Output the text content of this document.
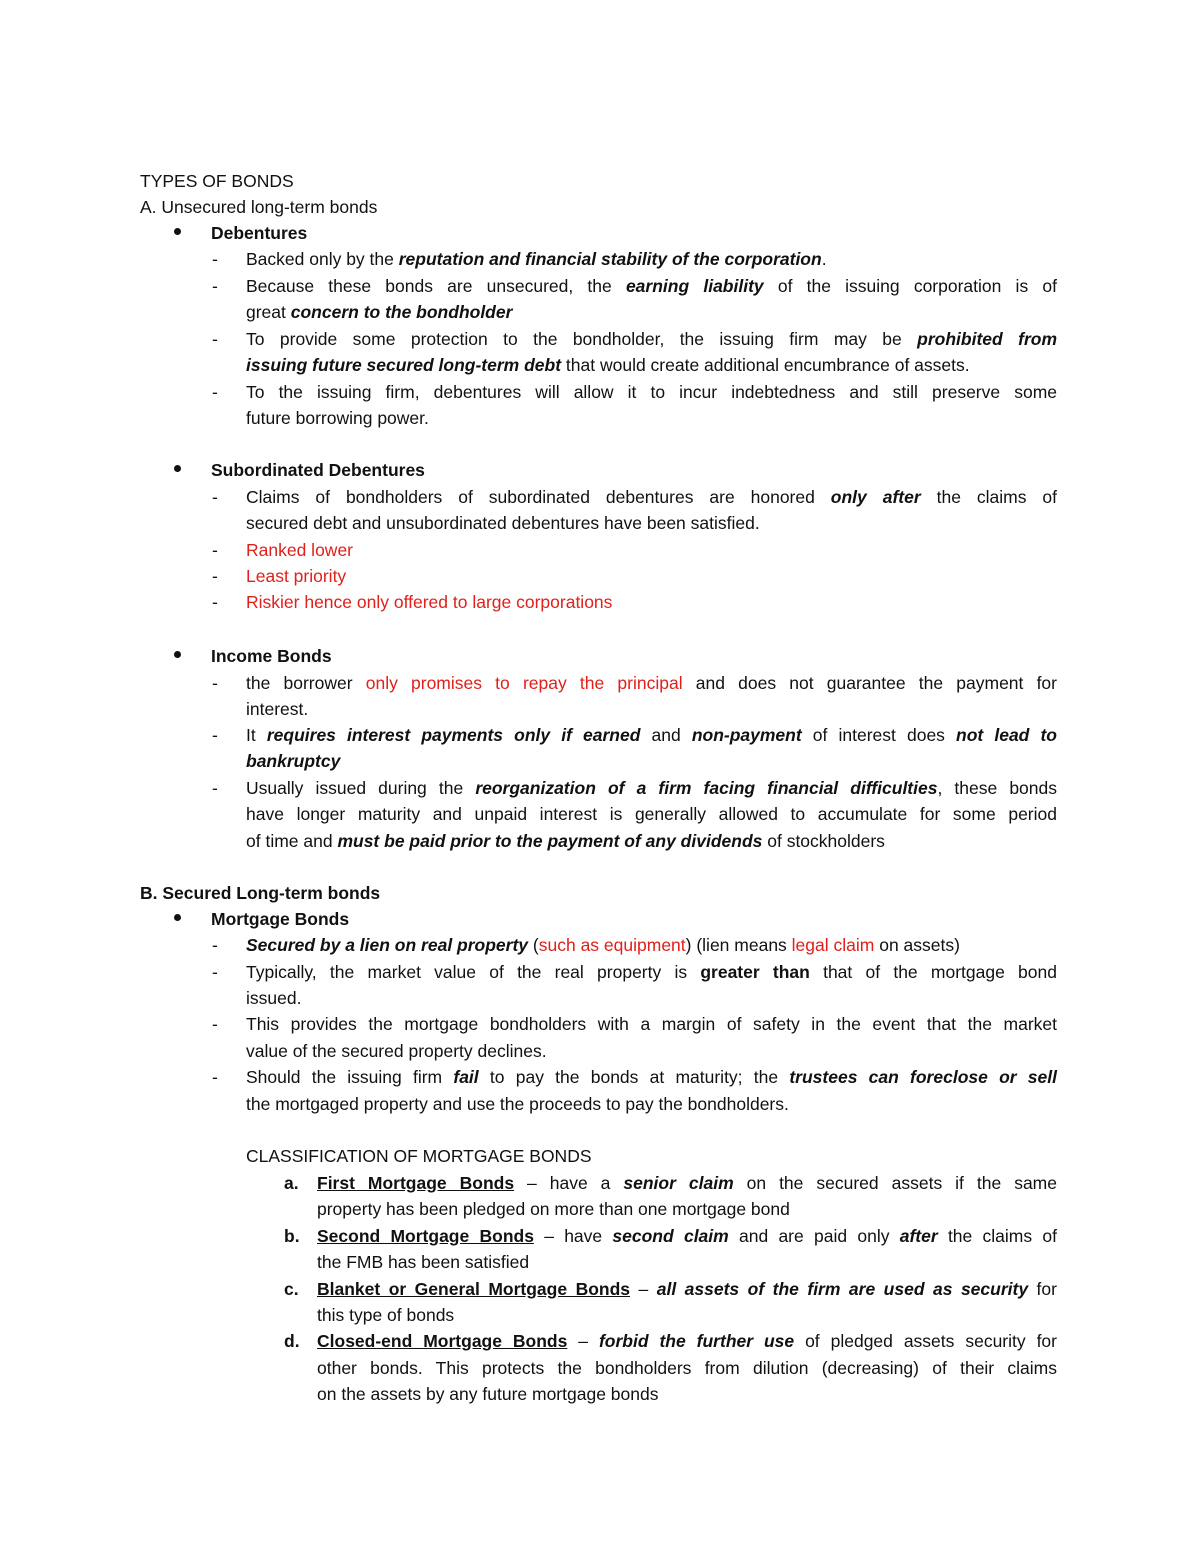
TYPES OF BONDS
A. Unsecured long-term bonds
Debentures
- Backed only by the reputation and financial stability of the corporation.
- Because these bonds are unsecured, the earning liability of the issuing corporation is of
great concern to the bondholder
- To provide some protection to the bondholder, the issuing firm may be prohibited from
issuing future secured long-term debt that would create additional encumbrance of assets.
- To the issuing firm, debentures will allow it to incur indebtedness and still preserve some
future borrowing power.
Subordinated Debentures
- Claims of bondholders of subordinated debentures are honored only after the claims of
secured debt and unsubordinated debentures have been satisfied.
- Ranked lower
- Least priority
- Riskier hence only offered to large corporations
Income Bonds
- the borrower only promises to repay the principal and does not guarantee the payment for
interest.
- It requires interest payments only if earned and non-payment of interest does not lead to
bankruptcy
- Usually issued during the reorganization of a firm facing financial difficulties, these bonds
have longer maturity and unpaid interest is generally allowed to accumulate for some period
of time and must be paid prior to the payment of any dividends of stockholders
B. Secured Long-term bonds
Mortgage Bonds
- Secured by a lien on real property (such as equipment) (lien means legal claim on assets)
- Typically, the market value of the real property is greater than that of the mortgage bond
issued.
- This provides the mortgage bondholders with a margin of safety in the event that the market
value of the secured property declines.
- Should the issuing firm fail to pay the bonds at maturity; the trustees can foreclose or sell
the mortgaged property and use the proceeds to pay the bondholders.
CLASSIFICATION OF MORTGAGE BONDS
a. First Mortgage Bonds – have a senior claim on the secured assets if the same
property has been pledged on more than one mortgage bond
b. Second Mortgage Bonds – have second claim and are paid only after the claims of
the FMB has been satisfied
c. Blanket or General Mortgage Bonds – all assets of the firm are used as security for
this type of bonds
d. Closed-end Mortgage Bonds – forbid the further use of pledged assets security for
other bonds. This protects the bondholders from dilution (decreasing) of their claims
on the assets by any future mortgage bonds
